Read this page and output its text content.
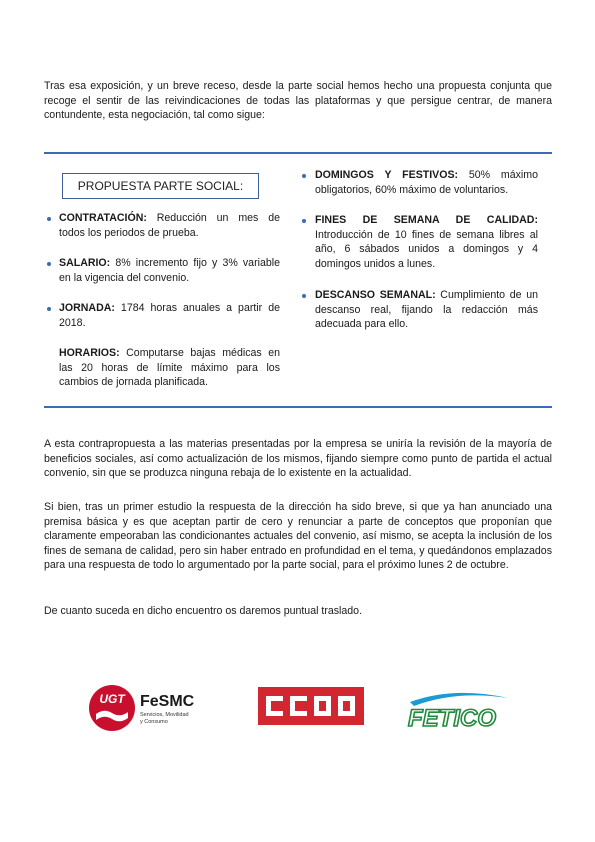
Tras esa exposición, y un breve receso, desde la parte social hemos hecho una propuesta conjunta que recoge el sentir de las reivindicaciones de todas las plataformas y que persigue centrar, de manera contundente, esta negociación, tal como sigue:

PROPUESTA PARTE SOCIAL:

CONTRATACIÓN: Reducción un mes de todos los periodos de prueba.

SALARIO: 8% incremento fijo y 3% variable en la vigencia del convenio.

JORNADA: 1784 horas anuales a partir de 2018.

HORARIOS: Computarse bajas médicas en las 20 horas de límite máximo para los cambios de jornada planificada.

DOMINGOS Y FESTIVOS: 50% máximo obligatorios, 60% máximo de voluntarios.

FINES DE SEMANA DE CALIDAD: Introducción de 10 fines de semana libres al año, 6 sábados unidos a domingos y 4 domingos unidos a lunes.

DESCANSO SEMANAL: Cumplimiento de un descanso real, fijando la redacción más adecuada para ello.

A esta contrapropuesta a las materias presentadas por la empresa se uniría la revisión de la mayoría de beneficios sociales, así como actualización de los mismos, fijando siempre como punto de partida el actual convenio, sin que se produzca ninguna rebaja de lo existente en la actualidad.

Si bien, tras un primer estudio la respuesta de la dirección ha sido breve, si que ya han anunciado una premisa básica y es que aceptan partir de cero y renunciar a parte de conceptos que proponían que claramente empeoraban las condicionantes actuales del convenio, así mismo, se acepta la inclusión de los fines de semana de calidad, pero sin haber entrado en profundidad en el tema, y quedándonos emplazados para una respuesta de todo lo argumentado por la parte social, para el próximo lunes 2 de octubre.

De cuanto suceda en dicho encuentro os daremos puntual traslado.

UGT FeSMC
Servicios, Movilidad
y Consumo	FETICO
